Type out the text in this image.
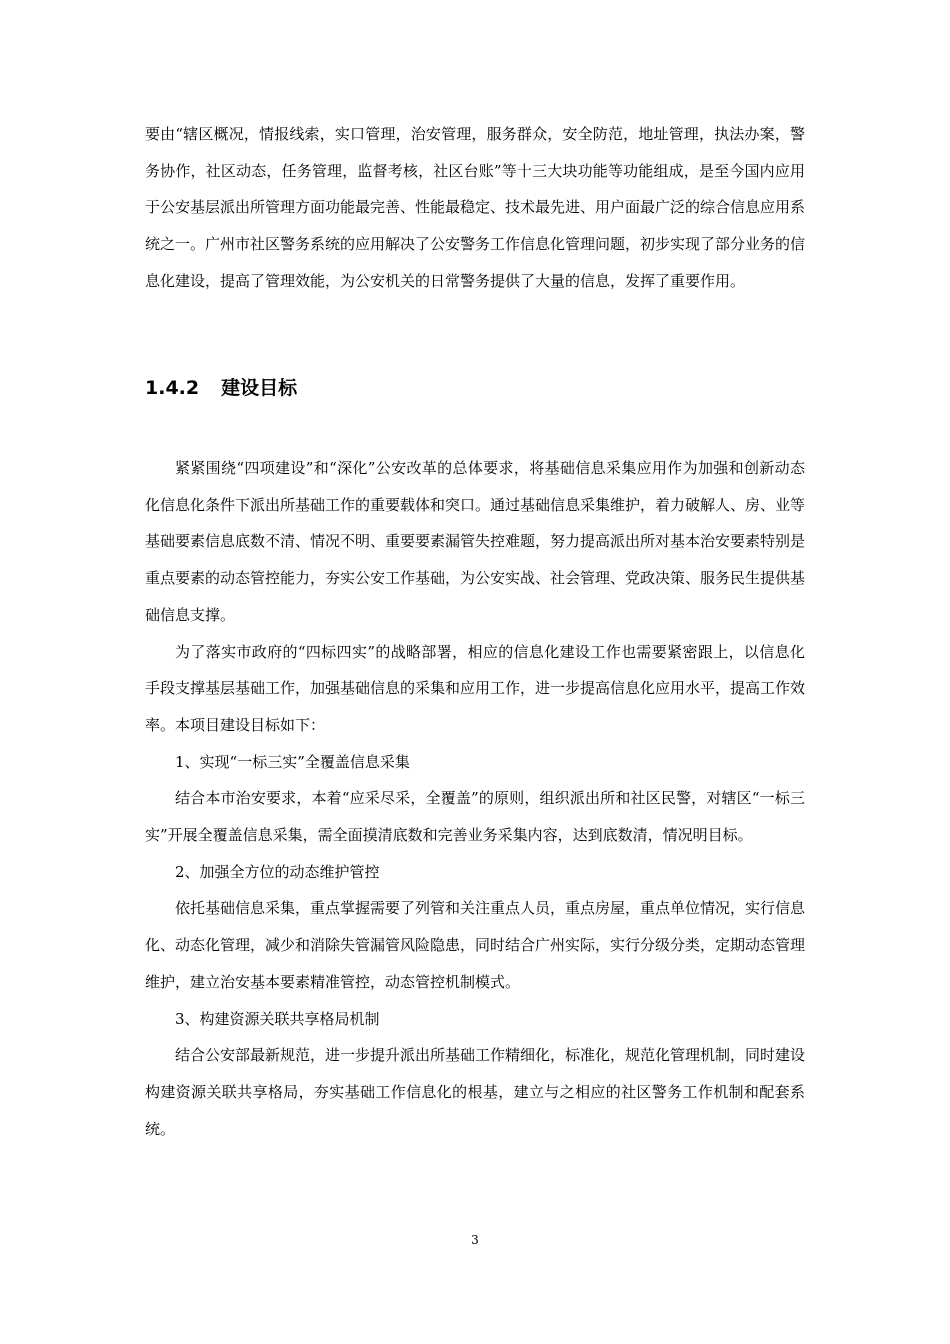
要由“辖区概况，情报线索，实口管理，治安管理，服务群众，安全防范，地址管理，执法办案，警务协作，社区动态，任务管理，监督考核，社区台账”等十三大块功能等功能组成，是至今国内应用于公安基层派出所管理方面功能最完善、性能最稳定、技术最先进、用户面最广泛的综合信息应用系统之一。广州市社区警务系统的应用解决了公安警务工作信息化管理问题，初步实现了部分业务的信息化建设，提高了管理效能，为公安机关的日常警务提供了大量的信息，发挥了重要作用。

1.4.2 建设目标

紧紧围绕“四项建设”和“深化”公安改革的总体要求，将基础信息采集应用作为加强和创新动态化信息化条件下派出所基础工作的重要载体和突口。通过基础信息采集维护，着力破解人、房、业等基础要素信息底数不清、情况不明、重要要素漏管失控难题，努力提高派出所对基本治安要素特别是重点要素的动态管控能力，夯实公安工作基础，为公安实战、社会管理、党政决策、服务民生提供基础信息支撑。

为了落实市政府的“四标四实”的战略部署，相应的信息化建设工作也需要紧密跟上，以信息化手段支撑基层基础工作，加强基础信息的采集和应用工作，进一步提高信息化应用水平，提高工作效率。本项目建设目标如下：

1、实现“一标三实”全覆盖信息采集

结合本市治安要求，本着“应采尽采，全覆盖”的原则，组织派出所和社区民警，对辖区“一标三实”开展全覆盖信息采集，需全面摸清底数和完善业务采集内容，达到底数清，情况明目标。

2、加强全方位的动态维护管控

依托基础信息采集，重点掌握需要了列管和关注重点人员，重点房屋，重点单位情况，实行信息化、动态化管理，减少和消除失管漏管风险隐患，同时结合广州实际，实行分级分类，定期动态管理维护，建立治安基本要素精准管控，动态管控机制模式。

3、构建资源关联共享格局机制

结合公安部最新规范，进一步提升派出所基础工作精细化，标准化，规范化管理机制，同时建设构建资源关联共享格局，夯实基础工作信息化的根基，建立与之相应的社区警务工作机制和配套系统。

3
